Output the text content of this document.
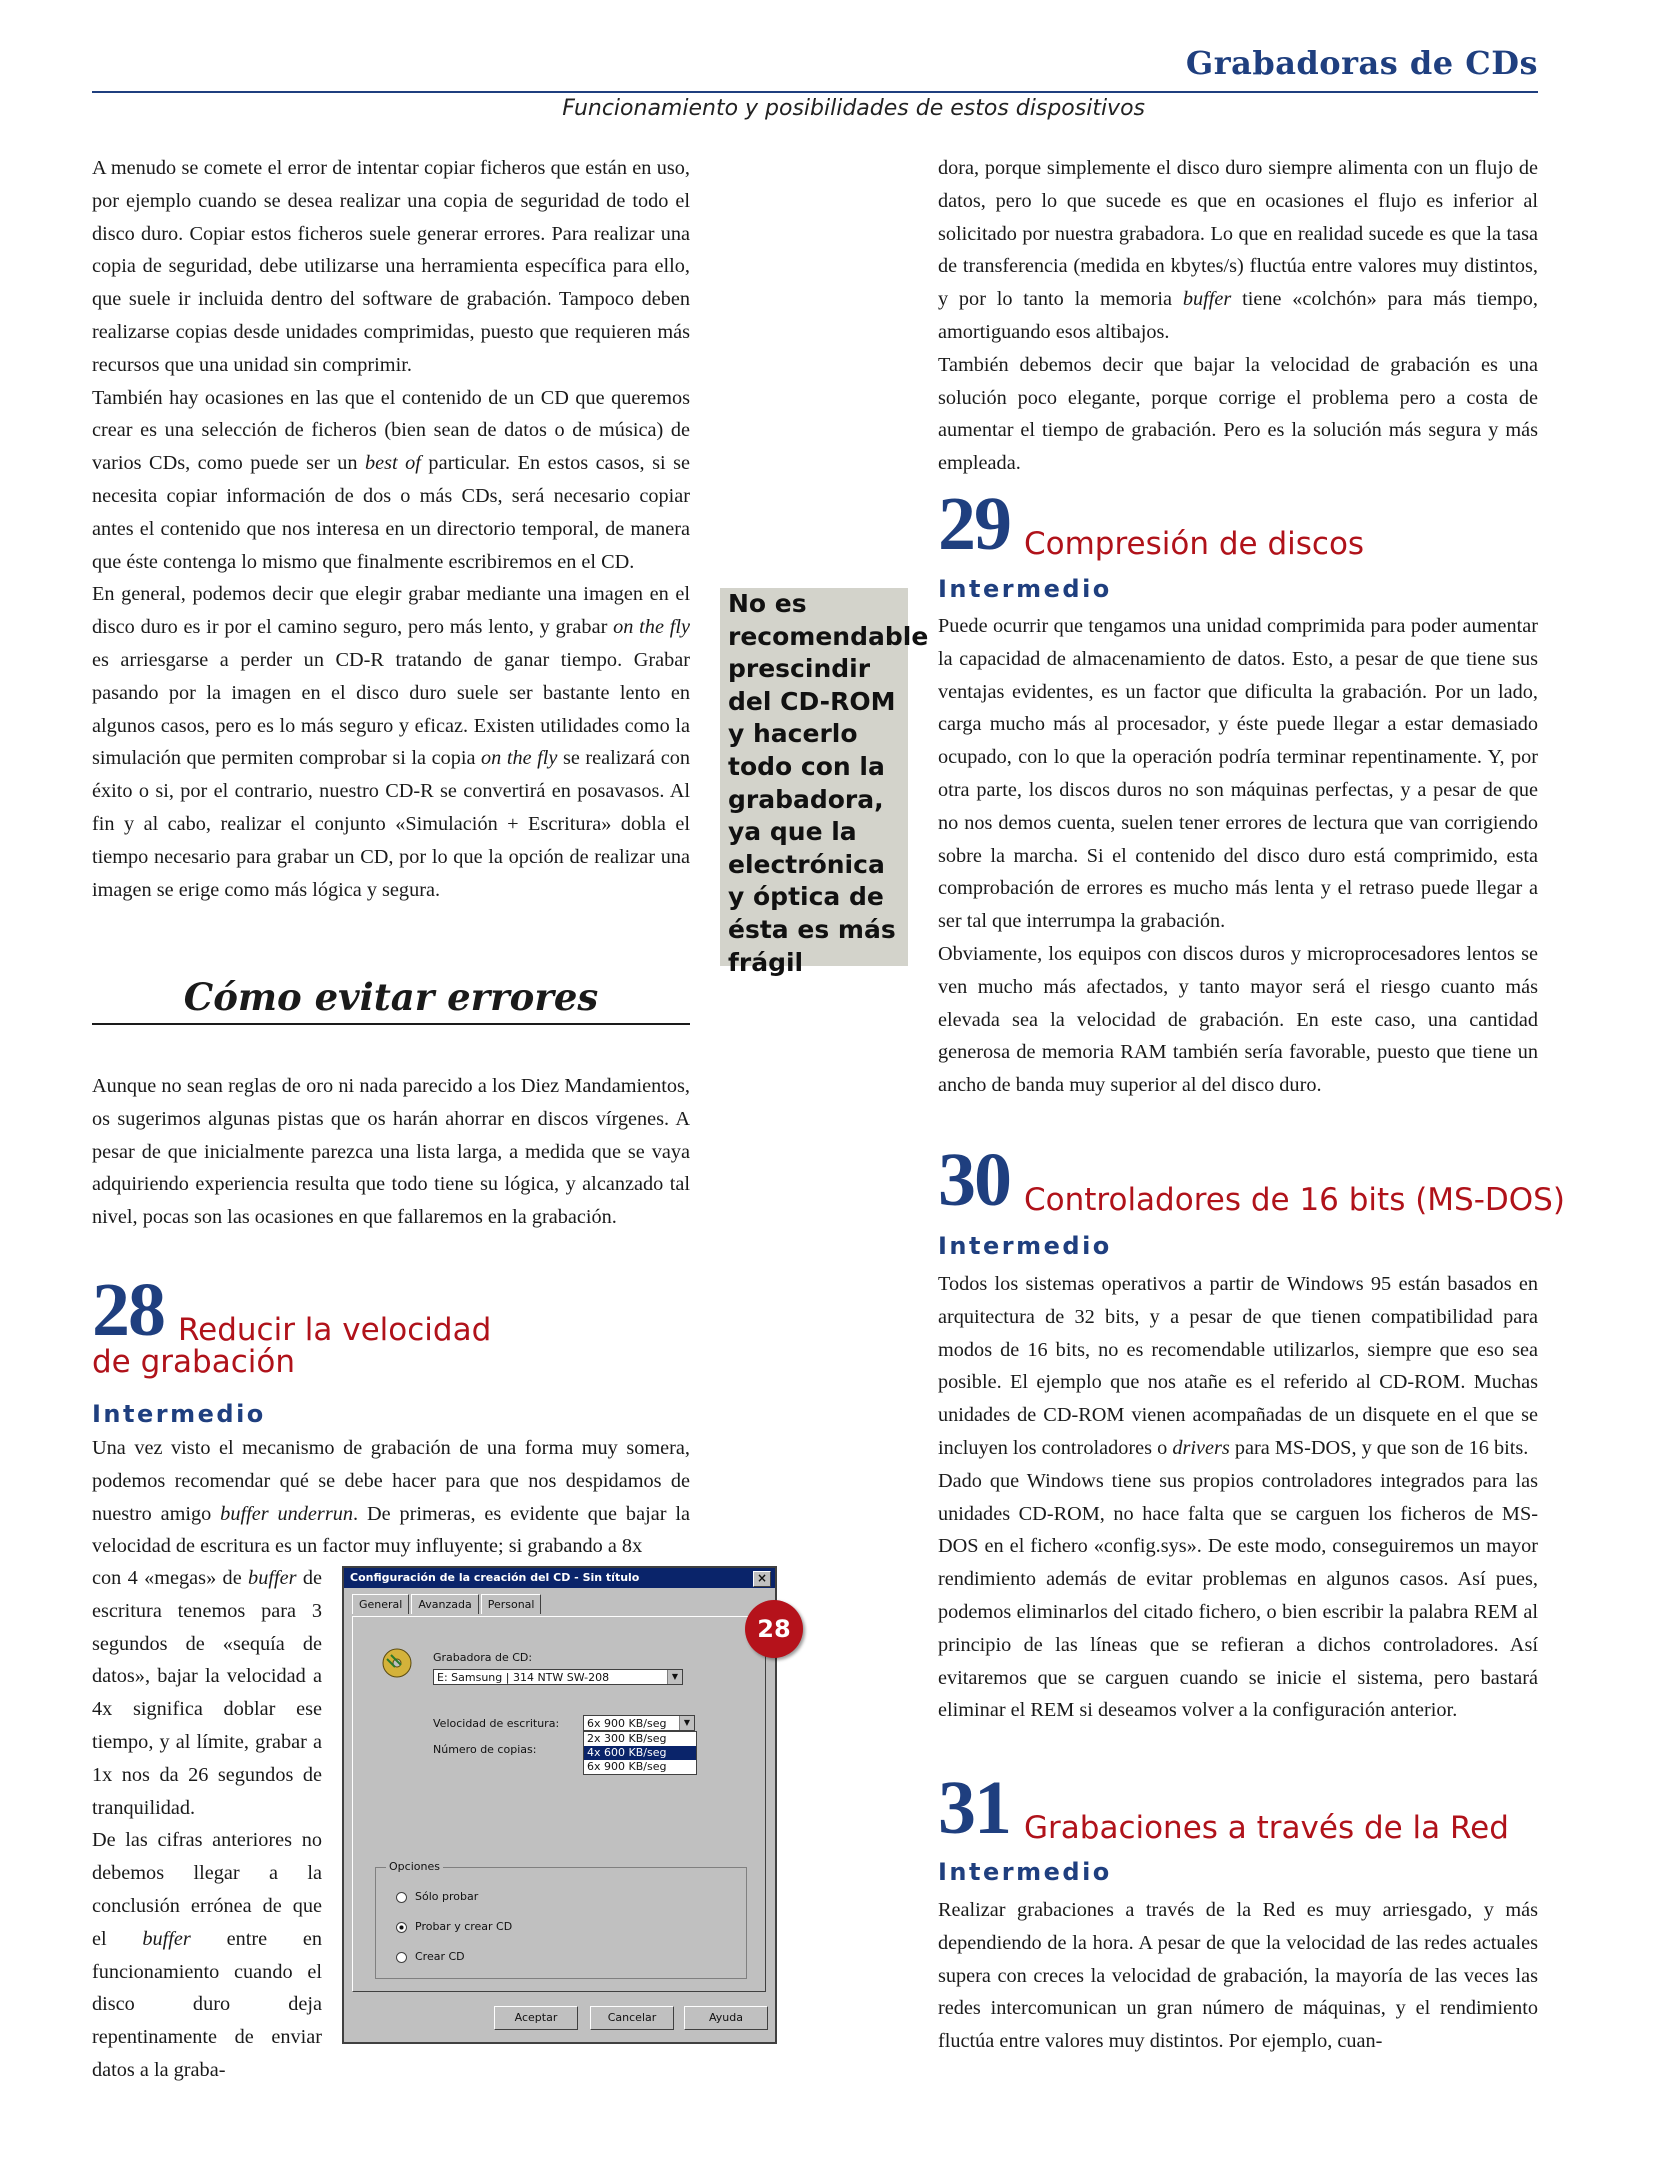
Grabadoras de CDs
Funcionamiento y posibilidades de estos dispositivos

A menudo se comete el error de intentar copiar ficheros que están en uso, por ejemplo cuando se desea realizar una copia de seguridad de todo el disco duro. Copiar estos ficheros suele generar errores. Para realizar una copia de seguridad, debe utilizarse una herramienta específica para ello, que suele ir incluida dentro del software de grabación. Tampoco deben realizarse copias desde unidades comprimidas, puesto que requieren más recursos que una unidad sin comprimir.

También hay ocasiones en las que el contenido de un CD que queremos crear es una selección de ficheros (bien sean de datos o de música) de varios CDs, como puede ser un best of particular. En estos casos, si se necesita copiar información de dos o más CDs, será necesario copiar antes el contenido que nos interesa en un directorio temporal, de manera que éste contenga lo mismo que finalmente escribiremos en el CD.

En general, podemos decir que elegir grabar mediante una imagen en el disco duro es ir por el camino seguro, pero más lento, y grabar on the fly es arriesgarse a perder un CD-R tratando de ganar tiempo. Grabar pasando por la imagen en el disco duro suele ser bastante lento en algunos casos, pero es lo más seguro y eficaz. Existen utilidades como la simulación que permiten comprobar si la copia on the fly se realizará con éxito o si, por el contrario, nuestro CD-R se convertirá en posavasos. Al fin y al cabo, realizar el conjunto «Simulación + Escritura» dobla el tiempo necesario para grabar un CD, por lo que la opción de realizar una imagen se erige como más lógica y segura.

Cómo evitar errores

Aunque no sean reglas de oro ni nada parecido a los Diez Mandamientos, os sugerimos algunas pistas que os harán ahorrar en discos vírgenes. A pesar de que inicialmente parezca una lista larga, a medida que se vaya adquiriendo experiencia resulta que todo tiene su lógica, y alcanzado tal nivel, pocas son las ocasiones en que fallaremos en la grabación.

28 Reducir la velocidad
de grabación
Intermedio

Una vez visto el mecanismo de grabación de una forma muy somera, podemos recomendar qué se debe hacer para que nos despidamos de nuestro amigo buffer underrun. De primeras, es evidente que bajar la velocidad de escritura es un factor muy influyente; si grabando a 8x

con 4 «megas» de buffer de escritura tenemos para 3 segundos de «sequía de datos», bajar la velocidad a 4x significa doblar ese tiempo, y al límite, grabar a 1x nos da 26 segundos de tranquilidad.

De las cifras anteriores no debemos llegar a la conclusión errónea de que el buffer entre en funcionamiento cuando el disco duro deja repentinamente de enviar datos a la graba-

No es recomendable prescindir del CD-ROM y hacerlo todo con la grabadora, ya que la electrónica y óptica de ésta es más frágil

Configuración de la creación del CD - Sin título	×
General Avanzada Personal
Grabadora de CD:
E: Samsung | 314 NTW SW-208	▼
Velocidad de escritura:	6x 900 KB/seg	▼
2x 300 KB/seg
4x 600 KB/seg
6x 900 KB/seg
Número de copias:
Opciones
Sólo probar
Probar y crear CD
Crear CD
Aceptar	Cancelar	Ayuda
28

dora, porque simplemente el disco duro siempre alimenta con un flujo de datos, pero lo que sucede es que en ocasiones el flujo es inferior al solicitado por nuestra grabadora. Lo que en realidad sucede es que la tasa de transferencia (medida en kbytes/s) fluctúa entre valores muy distintos, y por lo tanto la memoria buffer tiene «colchón» para más tiempo, amortiguando esos altibajos.

También debemos decir que bajar la velocidad de grabación es una solución poco elegante, porque corrige el problema pero a costa de aumentar el tiempo de grabación. Pero es la solución más segura y más empleada.

29 Compresión de discos
Intermedio

Puede ocurrir que tengamos una unidad comprimida para poder aumentar la capacidad de almacenamiento de datos. Esto, a pesar de que tiene sus ventajas evidentes, es un factor que dificulta la grabación. Por un lado, carga mucho más al procesador, y éste puede llegar a estar demasiado ocupado, con lo que la operación podría terminar repentinamente. Y, por otra parte, los discos duros no son máquinas perfectas, y a pesar de que no nos demos cuenta, suelen tener errores de lectura que van corrigiendo sobre la marcha. Si el contenido del disco duro está comprimido, esta comprobación de errores es mucho más lenta y el retraso puede llegar a ser tal que interrumpa la grabación.

Obviamente, los equipos con discos duros y microprocesadores lentos se ven mucho más afectados, y tanto mayor será el riesgo cuanto más elevada sea la velocidad de grabación. En este caso, una cantidad generosa de memoria RAM también sería favorable, puesto que tiene un ancho de banda muy superior al del disco duro.

30 Controladores de 16 bits (MS-DOS)
Intermedio

Todos los sistemas operativos a partir de Windows 95 están basados en arquitectura de 32 bits, y a pesar de que tienen compatibilidad para modos de 16 bits, no es recomendable utilizarlos, siempre que eso sea posible. El ejemplo que nos atañe es el referido al CD-ROM. Muchas unidades de CD-ROM vienen acompañadas de un disquete en el que se incluyen los controladores o drivers para MS-DOS, y que son de 16 bits.

Dado que Windows tiene sus propios controladores integrados para las unidades CD-ROM, no hace falta que se carguen los ficheros de MS-DOS en el fichero «config.sys». De este modo, conseguiremos un mayor rendimiento además de evitar problemas en algunos casos. Así pues, podemos eliminarlos del citado fichero, o bien escribir la palabra REM al principio de las líneas que se refieran a dichos controladores. Así evitaremos que se carguen cuando se inicie el sistema, pero bastará eliminar el REM si deseamos volver a la configuración anterior.

31 Grabaciones a través de la Red
Intermedio

Realizar grabaciones a través de la Red es muy arriesgado, y más dependiendo de la hora. A pesar de que la velocidad de las redes actuales supera con creces la velocidad de grabación, la mayoría de las veces las redes intercomunican un gran número de máquinas, y el rendimiento fluctúa entre valores muy distintos. Por ejemplo, cuan-
